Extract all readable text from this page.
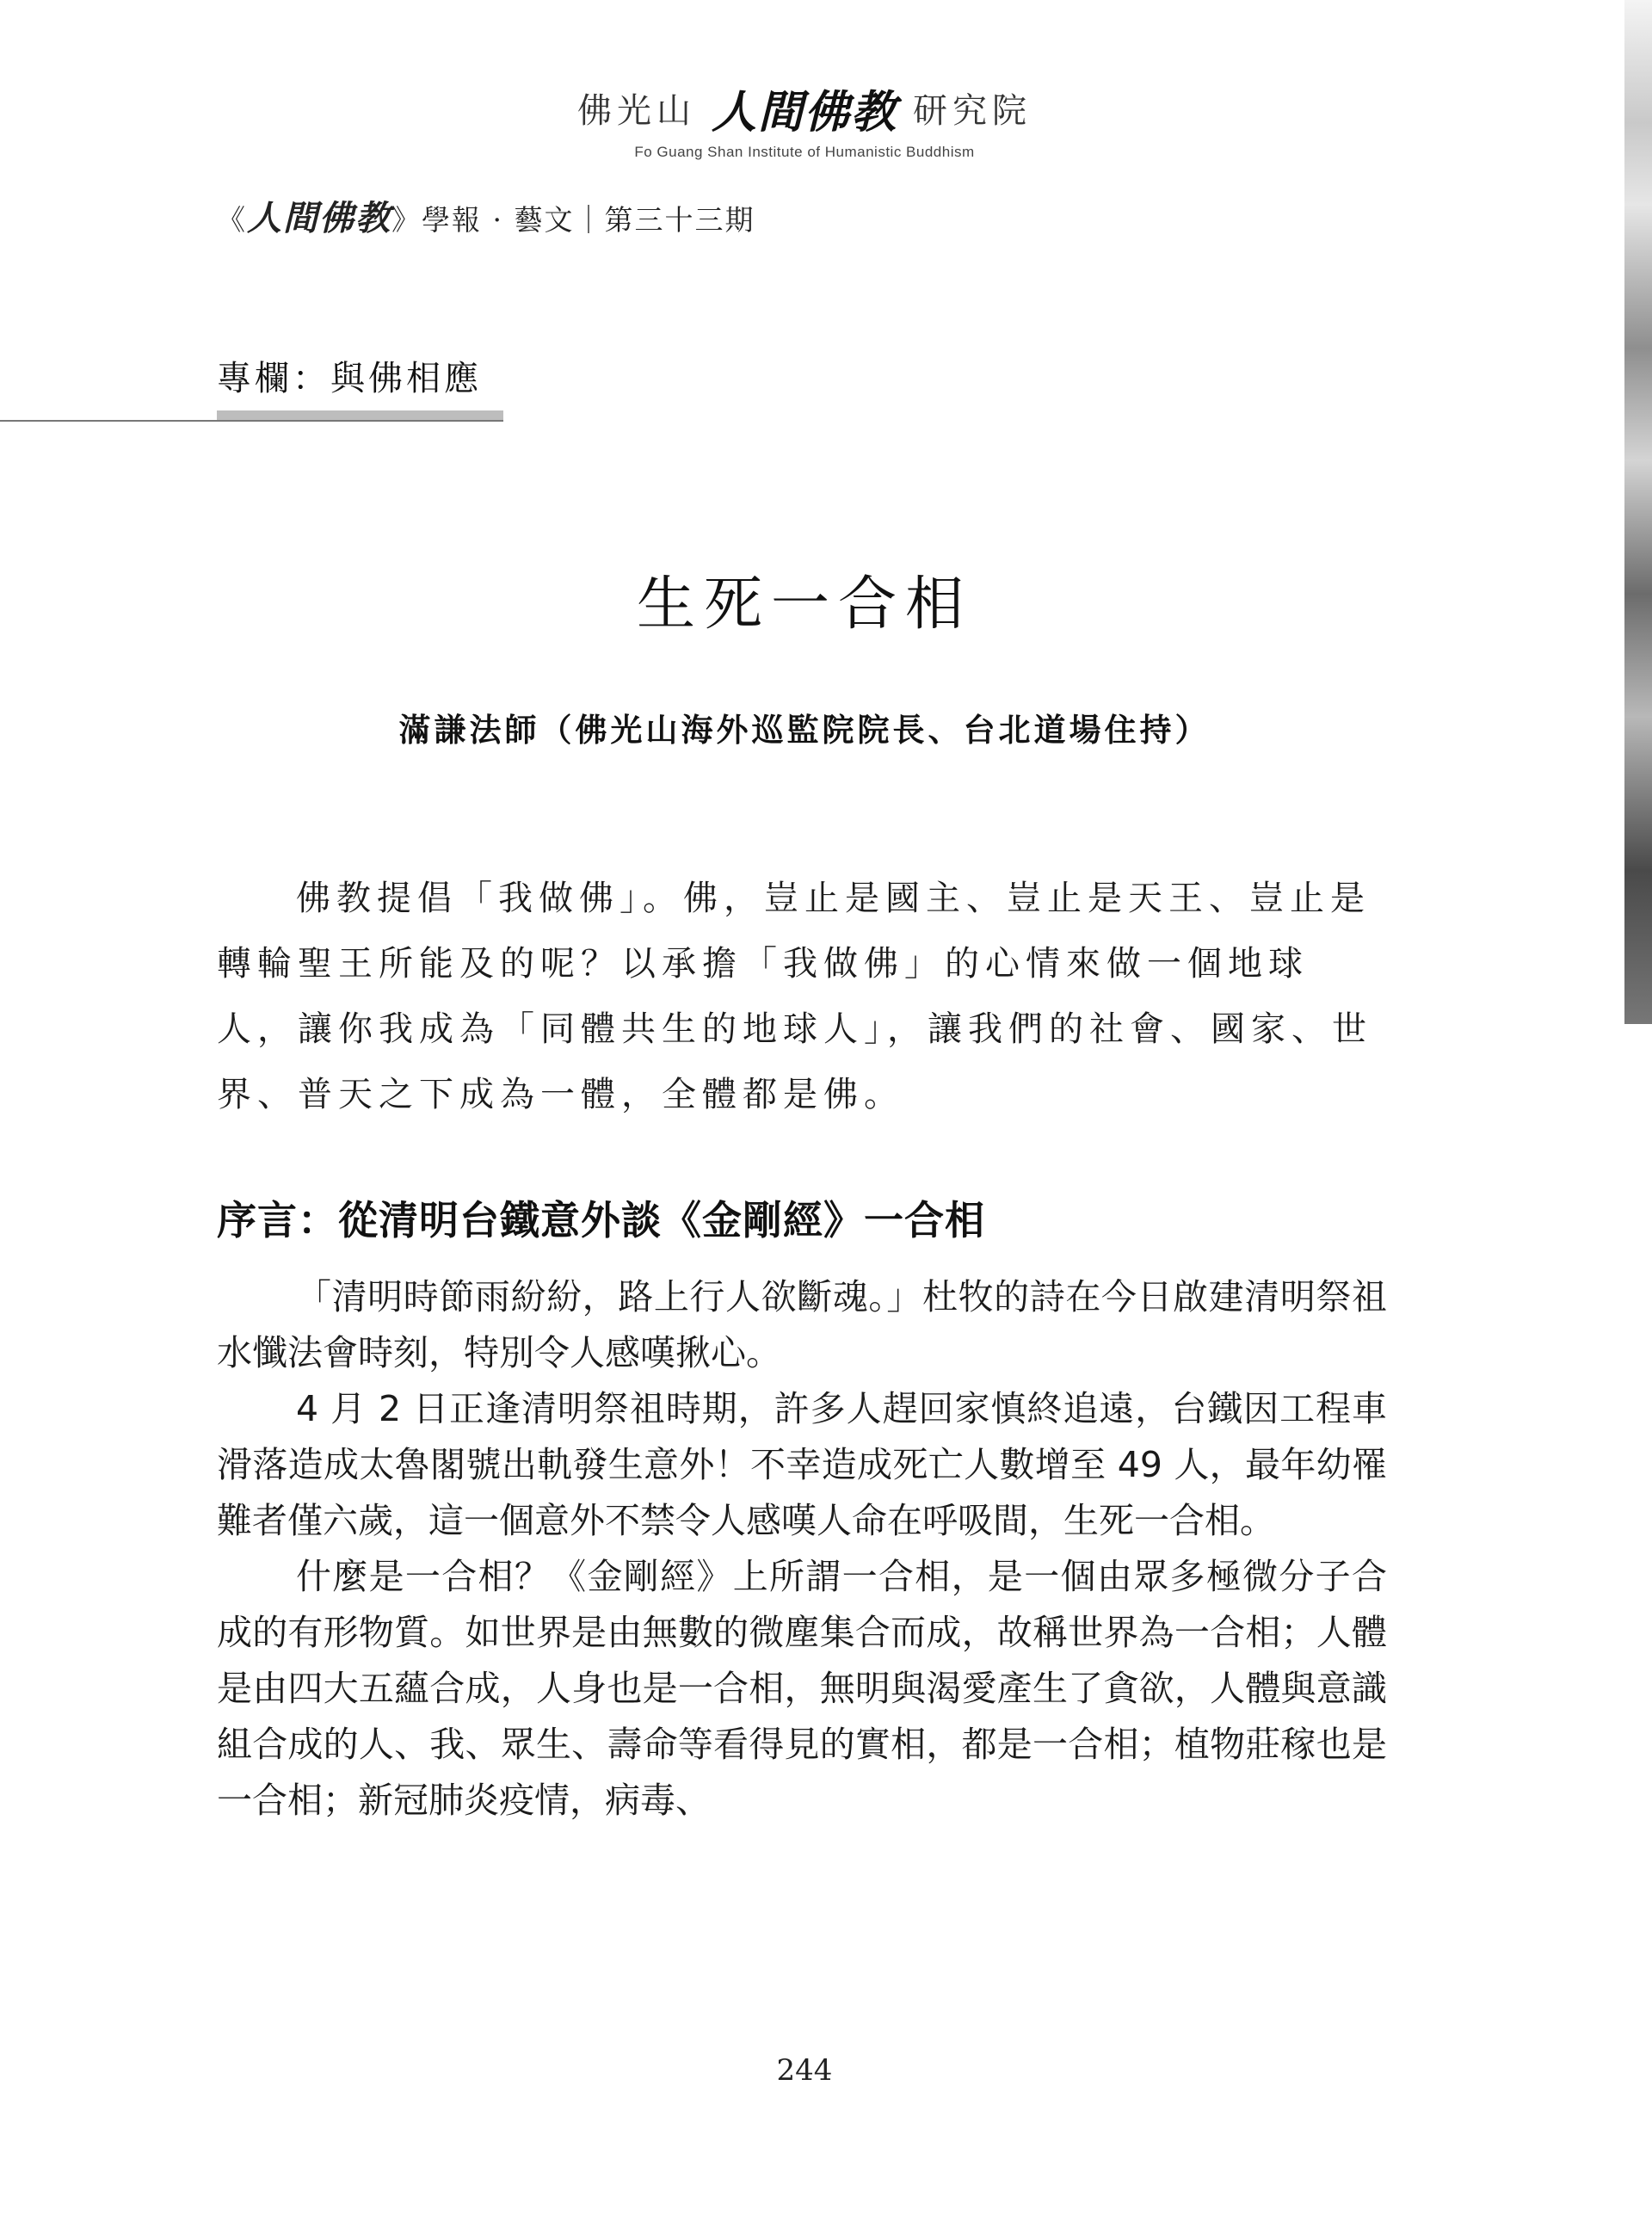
佛光山 人間佛教 研究院
Fo Guang Shan Institute of Humanistic Buddhism
《人間佛教》學報 · 藝文｜第三十三期
專欄：與佛相應
生死一合相
滿謙法師（佛光山海外巡監院院長、台北道場住持）

佛教提倡「我做佛」。佛，豈止是國主、豈止是天王、豈止是轉輪聖王所能及的呢？以承擔「我做佛」的心情來做一個地球人，讓你我成為「同體共生的地球人」，讓我們的社會、國家、世界、普天之下成為一體，全體都是佛。

序言：從清明台鐵意外談《金剛經》一合相

「清明時節雨紛紛，路上行人欲斷魂。」杜牧的詩在今日啟建清明祭祖水懺法會時刻，特別令人感嘆揪心。

4 月 2 日正逢清明祭祖時期，許多人趕回家慎終追遠，台鐵因工程車滑落造成太魯閣號出軌發生意外！不幸造成死亡人數增至 49 人，最年幼罹難者僅六歲，這一個意外不禁令人感嘆人命在呼吸間，生死一合相。

什麼是一合相？《金剛經》上所謂一合相，是一個由眾多極微分子合成的有形物質。如世界是由無數的微塵集合而成，故稱世界為一合相；人體是由四大五蘊合成，人身也是一合相，無明與渴愛產生了貪欲，人體與意識組合成的人、我、眾生、壽命等看得見的實相，都是一合相；植物莊稼也是一合相；新冠肺炎疫情，病毒、

244
